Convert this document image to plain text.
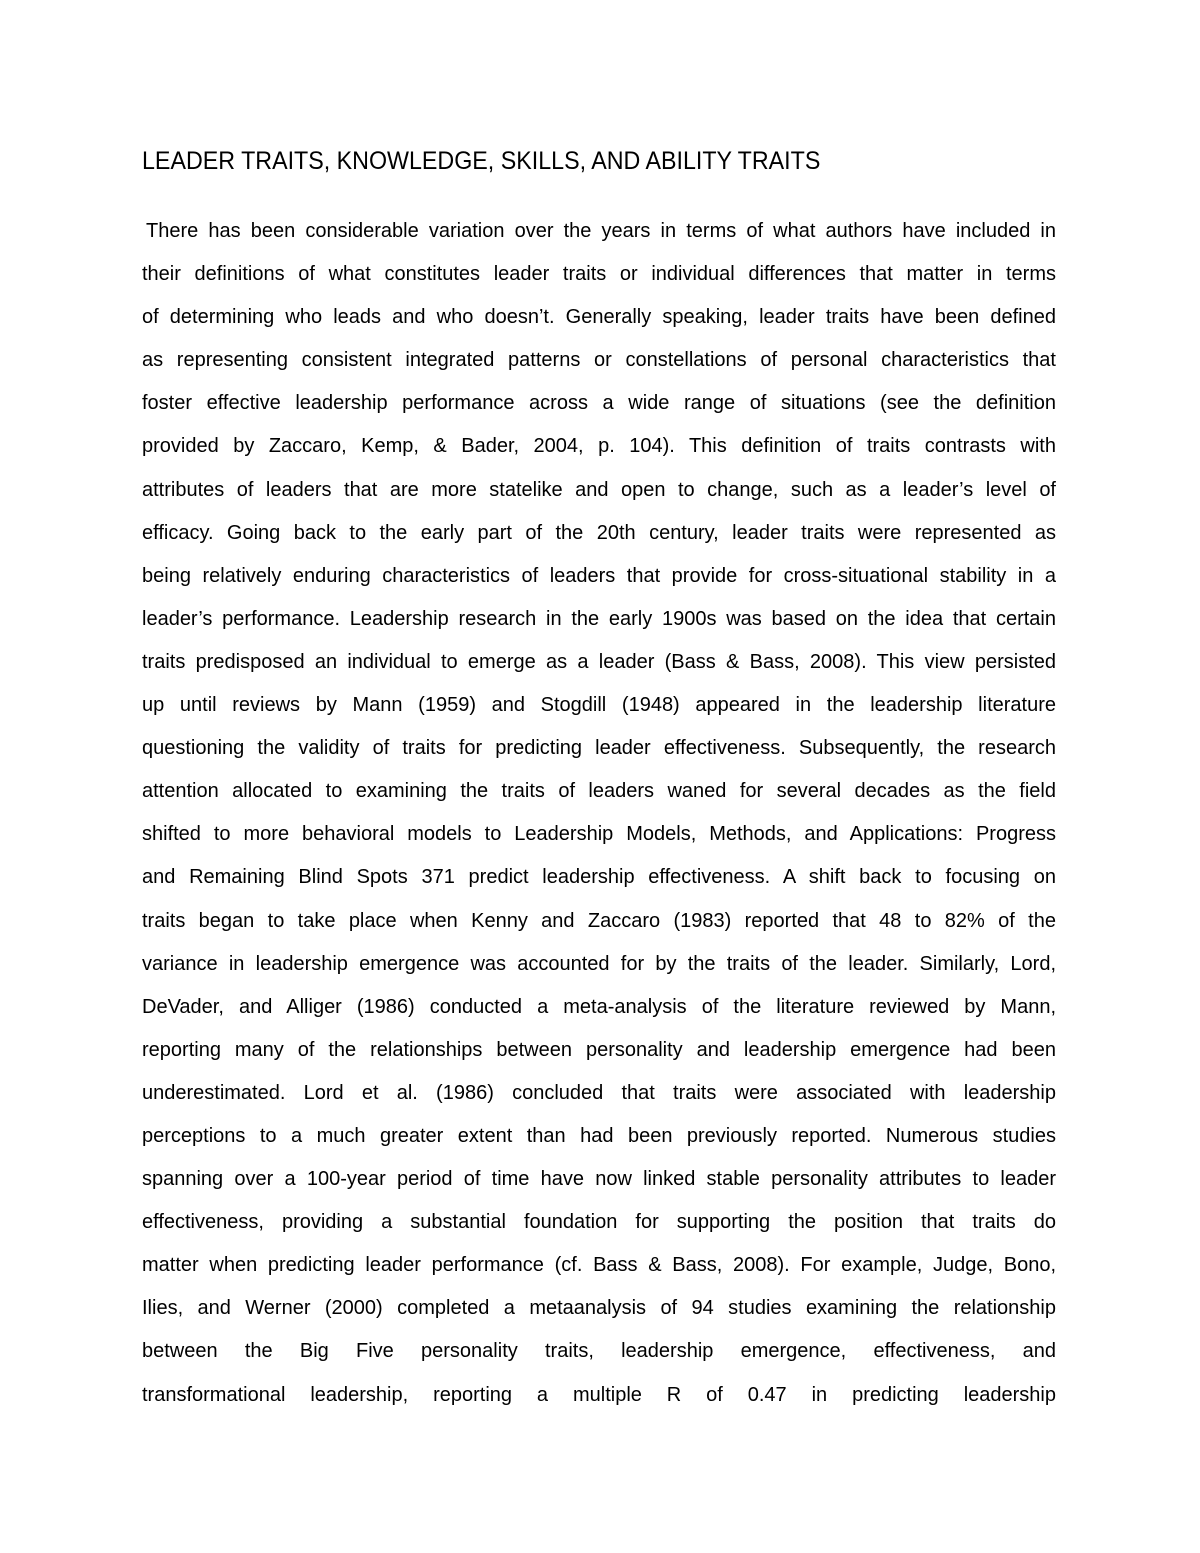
LEADER TRAITS, KNOWLEDGE, SKILLS, AND ABILITY TRAITS
There has been considerable variation over the years in terms of what authors have included in
their definitions of what constitutes leader traits or individual differences that matter in terms
of determining who leads and who doesn’t. Generally speaking, leader traits have been defined
as representing consistent integrated patterns or constellations of personal characteristics that
foster effective leadership performance across a wide range of situations (see the definition
provided by Zaccaro, Kemp, & Bader, 2004, p. 104). This definition of traits contrasts with
attributes of leaders that are more statelike and open to change, such as a leader’s level of
efficacy. Going back to the early part of the 20th century, leader traits were represented as
being relatively enduring characteristics of leaders that provide for cross-situational stability in a
leader’s performance. Leadership research in the early 1900s was based on the idea that certain
traits predisposed an individual to emerge as a leader (Bass & Bass, 2008). This view persisted
up until reviews by Mann (1959) and Stogdill (1948) appeared in the leadership literature
questioning the validity of traits for predicting leader effectiveness. Subsequently, the research
attention allocated to examining the traits of leaders waned for several decades as the field
shifted to more behavioral models to Leadership Models, Methods, and Applications: Progress
and Remaining Blind Spots 371 predict leadership effectiveness. A shift back to focusing on
traits began to take place when Kenny and Zaccaro (1983) reported that 48 to 82% of the
variance in leadership emergence was accounted for by the traits of the leader. Similarly, Lord,
DeVader, and Alliger (1986) conducted a meta-analysis of the literature reviewed by Mann,
reporting many of the relationships between personality and leadership emergence had been
underestimated. Lord et al. (1986) concluded that traits were associated with leadership
perceptions to a much greater extent than had been previously reported. Numerous studies
spanning over a 100-year period of time have now linked stable personality attributes to leader
effectiveness, providing a substantial foundation for supporting the position that traits do
matter when predicting leader performance (cf. Bass & Bass, 2008). For example, Judge, Bono,
Ilies, and Werner (2000) completed a metaanalysis of 94 studies examining the relationship
between the Big Five personality traits, leadership emergence, effectiveness, and
transformational leadership, reporting a multiple R of 0.47 in predicting leadership
